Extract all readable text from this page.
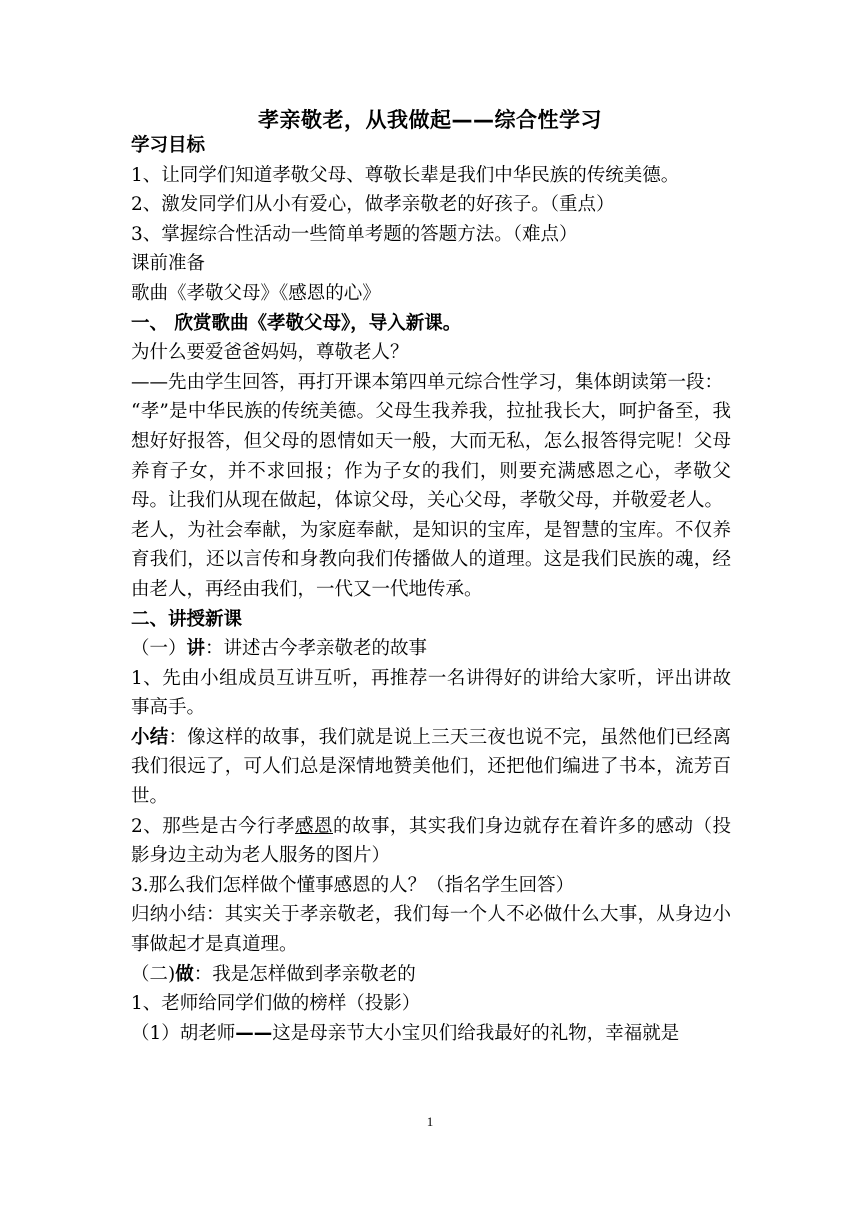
孝亲敬老，从我做起——综合性学习

学习目标

1、让同学们知道孝敬父母、尊敬长辈是我们中华民族的传统美德。

2、激发同学们从小有爱心，做孝亲敬老的好孩子。（重点）

3、掌握综合性活动一些简单考题的答题方法。（难点）

课前准备

歌曲《孝敬父母》《感恩的心》

一、 欣赏歌曲《孝敬父母》，导入新课。

为什么要爱爸爸妈妈，尊敬老人？

——先由学生回答，再打开课本第四单元综合性学习，集体朗读第一段：

“孝”是中华民族的传统美德。父母生我养我，拉扯我长大，呵护备至，我想好好报答，但父母的恩情如天一般，大而无私，怎么报答得完呢！父母养育子女，并不求回报；作为子女的我们，则要充满感恩之心，孝敬父母。让我们从现在做起，体谅父母，关心父母，孝敬父母，并敬爱老人。

老人，为社会奉献，为家庭奉献，是知识的宝库，是智慧的宝库。不仅养育我们，还以言传和身教向我们传播做人的道理。这是我们民族的魂，经由老人，再经由我们，一代又一代地传承。

二、讲授新课

（一）讲：讲述古今孝亲敬老的故事

1、先由小组成员互讲互听，再推荐一名讲得好的讲给大家听，评出讲故事高手。

小结：像这样的故事，我们就是说上三天三夜也说不完，虽然他们已经离我们很远了，可人们总是深情地赞美他们，还把他们编进了书本，流芳百世。

2、那些是古今行孝感恩的故事，其实我们身边就存在着许多的感动（投影身边主动为老人服务的图片）

3.那么我们怎样做个懂事感恩的人？（指名学生回答）

归纳小结：其实关于孝亲敬老，我们每一个人不必做什么大事，从身边小事做起才是真道理。

（二)做：我是怎样做到孝亲敬老的

1、老师给同学们做的榜样（投影）

（1）胡老师——这是母亲节大小宝贝们给我最好的礼物，幸福就是

1
